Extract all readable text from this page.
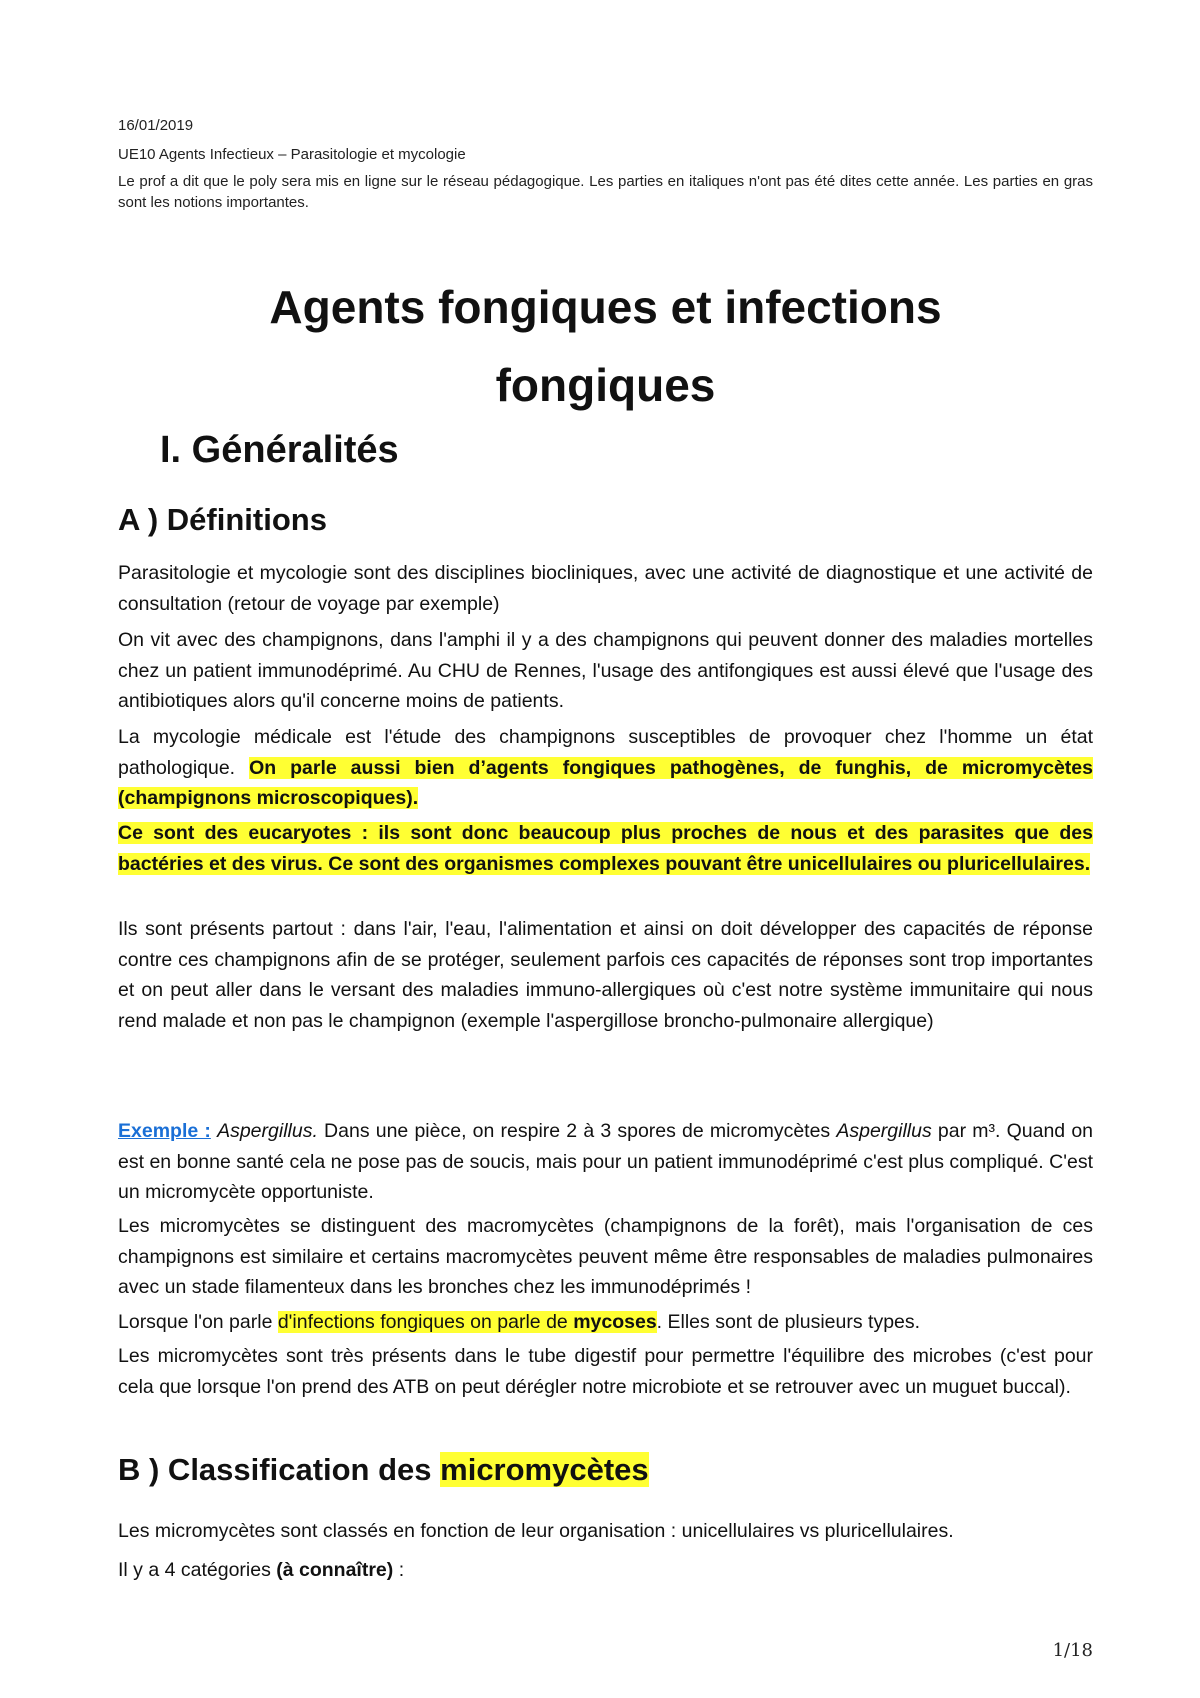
16/01/2019
UE10 Agents Infectieux – Parasitologie et mycologie
Le prof a dit que le poly sera mis en ligne sur le réseau pédagogique. Les parties en italiques n'ont pas été dites cette année. Les parties en gras sont les notions importantes.
Agents fongiques et infections
fongiques
I. Généralités
A ) Définitions

Parasitologie et mycologie sont des disciplines biocliniques, avec une activité de diagnostique et une activité de consultation (retour de voyage par exemple)

On vit avec des champignons, dans l'amphi il y a des champignons qui peuvent donner des maladies mortelles chez un patient immunodéprimé. Au CHU de Rennes, l'usage des antifongiques est aussi élevé que l'usage des antibiotiques alors qu'il concerne moins de patients.

La mycologie médicale est l'étude des champignons susceptibles de provoquer chez l'homme un état pathologique. On parle aussi bien d’agents fongiques pathogènes, de funghis, de micromycètes (champignons microscopiques).

Ce sont des eucaryotes : ils sont donc beaucoup plus proches de nous et des parasites que des bactéries et des virus. Ce sont des organismes complexes pouvant être unicellulaires ou pluricellulaires.

Ils sont présents partout : dans l'air, l'eau, l'alimentation et ainsi on doit développer des capacités de réponse contre ces champignons afin de se protéger, seulement parfois ces capacités de réponses sont trop importantes et on peut aller dans le versant des maladies immuno-allergiques où c'est notre système immunitaire qui nous rend malade et non pas le champignon (exemple l'aspergillose broncho-pulmonaire allergique)

Exemple : Aspergillus. Dans une pièce, on respire 2 à 3 spores de micromycètes Aspergillus par m³. Quand on est en bonne santé cela ne pose pas de soucis, mais pour un patient immunodéprimé c'est plus compliqué. C'est un micromycète opportuniste.

Les micromycètes se distinguent des macromycètes (champignons de la forêt), mais l'organisation de ces champignons est similaire et certains macromycètes peuvent même être responsables de maladies pulmonaires avec un stade filamenteux dans les bronches chez les immunodéprimés !

Lorsque l'on parle d'infections fongiques on parle de mycoses. Elles sont de plusieurs types.

Les micromycètes sont très présents dans le tube digestif pour permettre l'équilibre des microbes (c'est pour cela que lorsque l'on prend des ATB on peut dérégler notre microbiote et se retrouver avec un muguet buccal).

B ) Classification des micromycètes

Les micromycètes sont classés en fonction de leur organisation : unicellulaires vs pluricellulaires.

Il y a 4 catégories (à connaître) :

1/18
